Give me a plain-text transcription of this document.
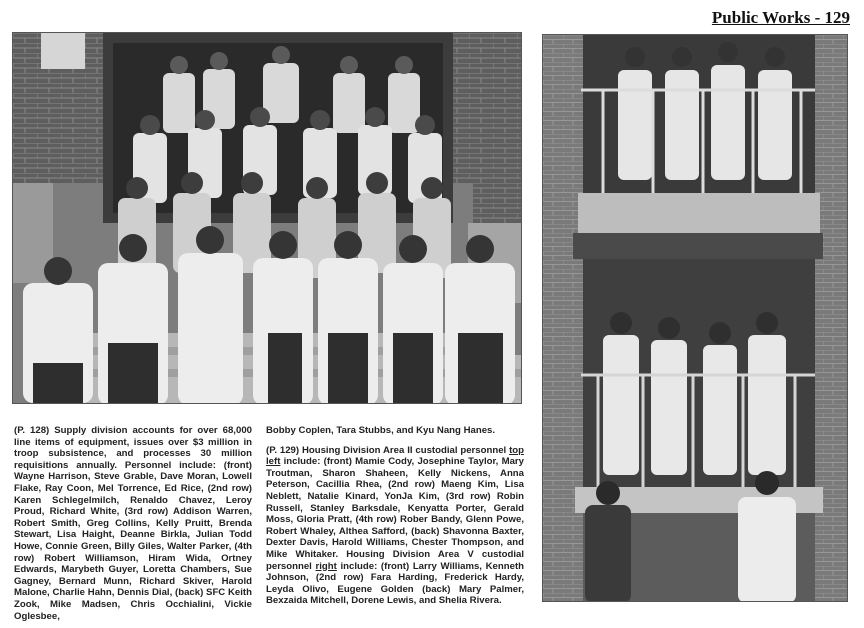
Public Works - 129

(P. 128) Supply division accounts for over 68,000 line items of equipment, issues over $3 million in troop subsistence, and processes 30 million requisitions annually. Personnel include: (front) Wayne Harrison, Steve Grable, Dave Moran, Lowell Flake, Ray Coon, Mel Torrence, Ed Rice, (2nd row) Karen Schlegelmilch, Renaldo Chavez, Leroy Proud, Richard White, (3rd row) Addison Warren, Robert Smith, Greg Collins, Kelly Pruitt, Brenda Stewart, Lisa Haight, Deanne Birkla, Julian Todd Howe, Connie Green, Billy Giles, Walter Parker, (4th row) Robert Williamson, Hiram Wida, Ortney Edwards, Marybeth Guyer, Loretta Chambers, Sue Gagney, Bernard Munn, Richard Skiver, Harold Malone, Charlie Hahn, Dennis Dial, (back) SFC Keith Zook, Mike Madsen, Chris Occhialini, Vickie Oglesbee,

Bobby Coplen, Tara Stubbs, and Kyu Nang Hanes.

(P. 129) Housing Division Area II custodial personnel top left include: (front) Mamie Cody, Josephine Taylor, Mary Troutman, Sharon Shaheen, Kelly Nickens, Anna Peterson, Cacillia Rhea, (2nd row) Maeng Kim, Lisa Neblett, Natalie Kinard, YonJa Kim, (3rd row) Robin Russell, Stanley Barksdale, Kenyatta Porter, Gerald Moss, Gloria Pratt, (4th row) Rober Bandy, Glenn Powe, Robert Whaley, Althea Safford, (back) Shavonna Baxter, Dexter Davis, Harold Williams, Chester Thompson, and Mike Whitaker. Housing Division Area V custodial personnel right include: (front) Larry Williams, Kenneth Johnson, (2nd row) Fara Harding, Frederick Hardy, Leyda Olivo, Eugene Golden (back) Mary Palmer, Bexzaida Mitchell, Dorene Lewis, and Shelia Rivera.
